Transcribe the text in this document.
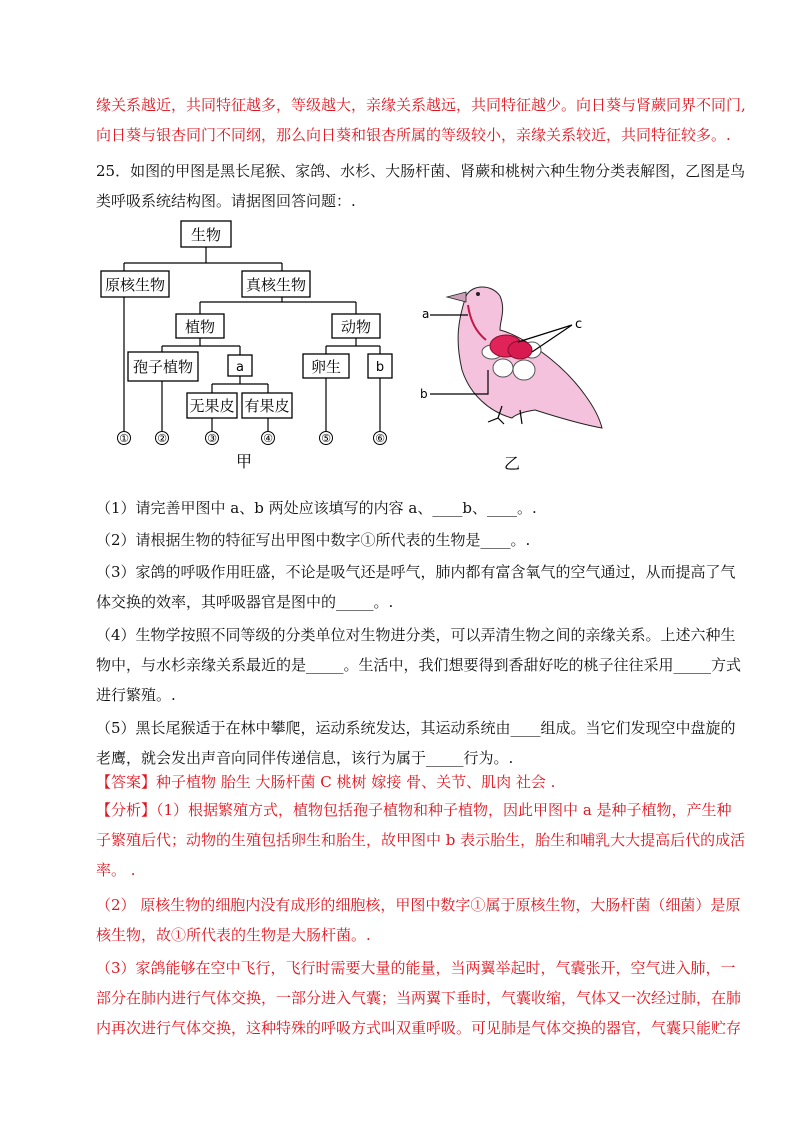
缘关系越近，共同特征越多，等级越大，亲缘关系越远，共同特征越少。向日葵与肾蕨同界不同门,
向日葵与银杏同门不同纲，那么向日葵和银杏所属的等级较小，亲缘关系较近，共同特征较多。.
25．如图的甲图是黑长尾猴、家鸽、水杉、大肠杆菌、肾蕨和桃树六种生物分类表解图，乙图是鸟
类呼吸系统结构图。请据图回答问题：.
（1）请完善甲图中 a、b 两处应该填写的内容 a、____b、____。.
（2）请根据生物的特征写出甲图中数字①所代表的生物是____。.
（3）家鸽的呼吸作用旺盛，不论是吸气还是呼气，肺内都有富含氧气的空气通过，从而提高了气
体交换的效率，其呼吸器官是图中的_____。.
（4）生物学按照不同等级的分类单位对生物进分类，可以弄清生物之间的亲缘关系。上述六种生
物中，与水杉亲缘关系最近的是_____。生活中，我们想要得到香甜好吃的桃子往往采用_____方式
进行繁殖。.
（5）黑长尾猴适于在林中攀爬，运动系统发达，其运动系统由____组成。当它们发现空中盘旋的
老鹰，就会发出声音向同伴传递信息，该行为属于_____行为。.
【答案】种子植物 胎生 大肠杆菌 C 桃树 嫁接 骨、关节、肌肉 社会 .
【分析】（1）根据繁殖方式，植物包括孢子植物和种子植物，因此甲图中 a 是种子植物，产生种
子繁殖后代；动物的生殖包括卵生和胎生，故甲图中 b 表示胎生，胎生和哺乳大大提高后代的成活
率。 .
（2） 原核生物的细胞内没有成形的细胞核，甲图中数字①属于原核生物，大肠杆菌（细菌）是原
核生物，故①所代表的生物是大肠杆菌。.
（3）家鸽能够在空中飞行，飞行时需要大量的能量，当两翼举起时，气囊张开，空气进入肺，一
部分在肺内进行气体交换，一部分进入气囊；当两翼下垂时，气囊收缩，气体又一次经过肺，在肺
内再次进行气体交换，这种特殊的呼吸方式叫双重呼吸。可见肺是气体交换的器官，气囊只能贮存
生物
原核生物	真核生物
植物	动物
孢子植物	a	卵生	b
无果皮 有果皮
①	②	③	④	⑤	⑥
甲
a
b
c
乙
